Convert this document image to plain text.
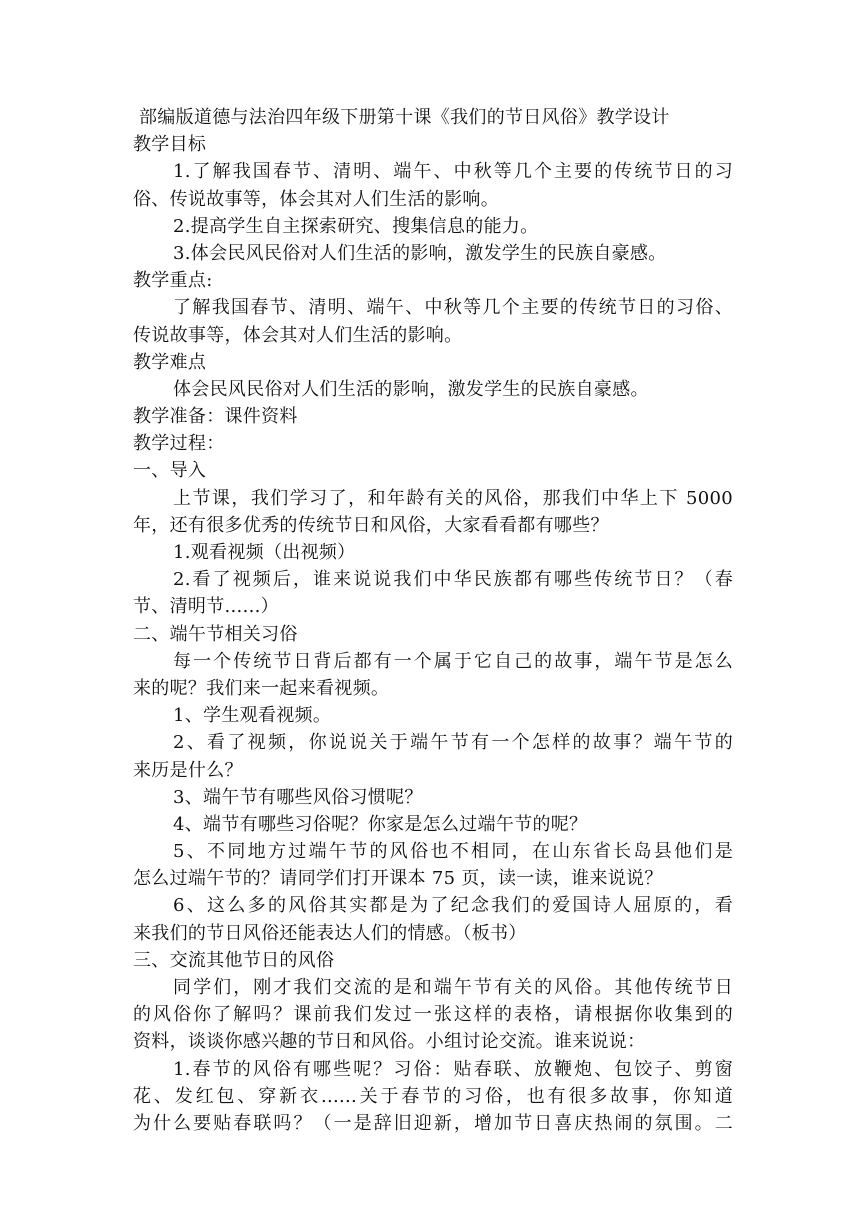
部编版道德与法治四年级下册第十课《我们的节日风俗》教学设计
教学目标
1.了解我国春节、清明、端午、中秋等几个主要的传统节日的习
俗、传说故事等，体会其对人们生活的影响。
2.提高学生自主探索研究、搜集信息的能力。
3.体会民风民俗对人们生活的影响，激发学生的民族自豪感。
教学重点:
了解我国春节、清明、端午、中秋等几个主要的传统节日的习俗、
传说故事等，体会其对人们生活的影响。
教学难点
体会民风民俗对人们生活的影响，激发学生的民族自豪感。
教学准备：课件资料
教学过程：
一、导入
上节课，我们学习了，和年龄有关的风俗，那我们中华上下 5000
年，还有很多优秀的传统节日和风俗，大家看看都有哪些？
1.观看视频（出视频）
2.看了视频后，谁来说说我们中华民族都有哪些传统节日？（春
节、清明节......）
二、端午节相关习俗
每一个传统节日背后都有一个属于它自己的故事，端午节是怎么
来的呢？我们来一起来看视频。
1、学生观看视频。
2、看了视频，你说说关于端午节有一个怎样的故事？端午节的
来历是什么？
3、端午节有哪些风俗习惯呢？
4、端节有哪些习俗呢？你家是怎么过端午节的呢？
5、不同地方过端午节的风俗也不相同，在山东省长岛县他们是
怎么过端午节的？请同学们打开课本 75 页，读一读，谁来说说？
6、这么多的风俗其实都是为了纪念我们的爱国诗人屈原的，看
来我们的节日风俗还能表达人们的情感。（板书）
三、交流其他节日的风俗
同学们，刚才我们交流的是和端午节有关的风俗。其他传统节日
的风俗你了解吗？课前我们发过一张这样的表格，请根据你收集到的
资料，谈谈你感兴趣的节日和风俗。小组讨论交流。谁来说说：
1.春节的风俗有哪些呢？习俗：贴春联、放鞭炮、包饺子、剪窗
花、发红包、穿新衣......关于春节的习俗，也有很多故事，你知道
为什么要贴春联吗？（一是辞旧迎新，增加节日喜庆热闹的氛围。二
